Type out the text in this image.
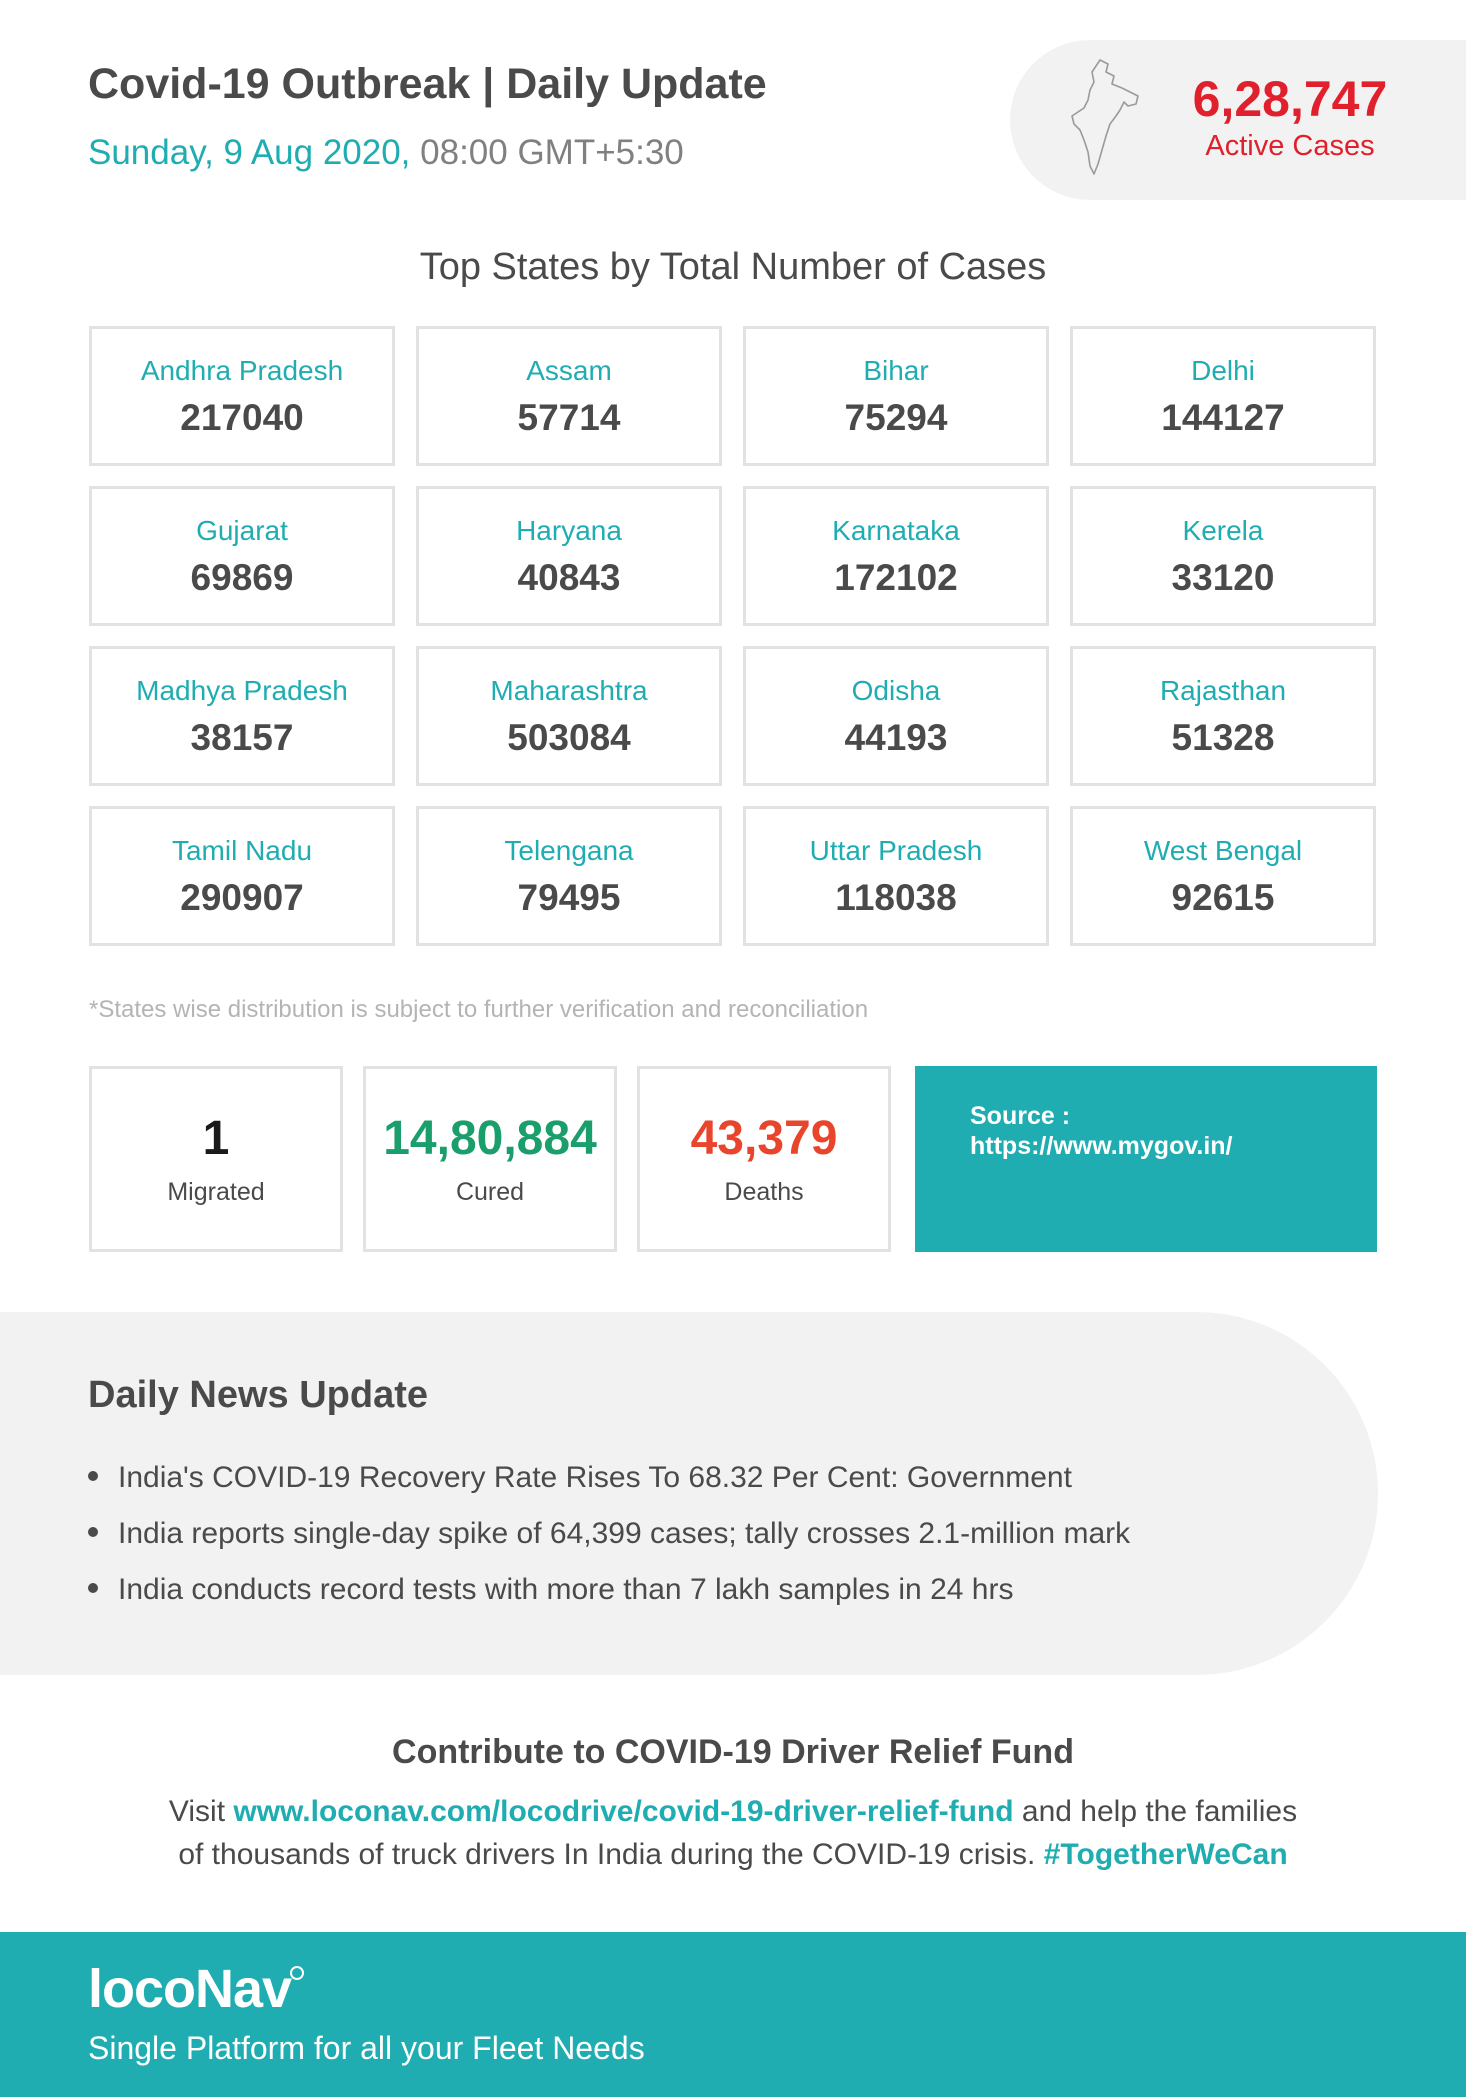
Covid-19 Outbreak | Daily Update
Sunday, 9 Aug 2020, 08:00 GMT+5:30
6,28,747
Active Cases
Top States by Total Number of Cases
Andhra Pradesh
217040
Assam
57714
Bihar
75294
Delhi
144127
Gujarat
69869
Haryana
40843
Karnataka
172102
Kerela
33120
Madhya Pradesh
38157
Maharashtra
503084
Odisha
44193
Rajasthan
51328
Tamil Nadu
290907
Telengana
79495
Uttar Pradesh
118038
West Bengal
92615
*States wise distribution is subject to further verification and reconciliation
1
Migrated
14,80,884
Cured
43,379
Deaths
Source :
https://www.mygov.in/
Daily News Update
India's COVID-19 Recovery Rate Rises To 68.32 Per Cent: Government
India reports single-day spike of 64,399 cases; tally crosses 2.1-million mark
India conducts record tests with more than 7 lakh samples in 24 hrs
Contribute to COVID-19 Driver Relief Fund
Visit www.loconav.com/locodrive/covid-19-driver-relief-fund and help the families
of thousands of truck drivers In India during the COVID-19 crisis. #TogetherWeCan
locoNav
Single Platform for all your Fleet Needs
